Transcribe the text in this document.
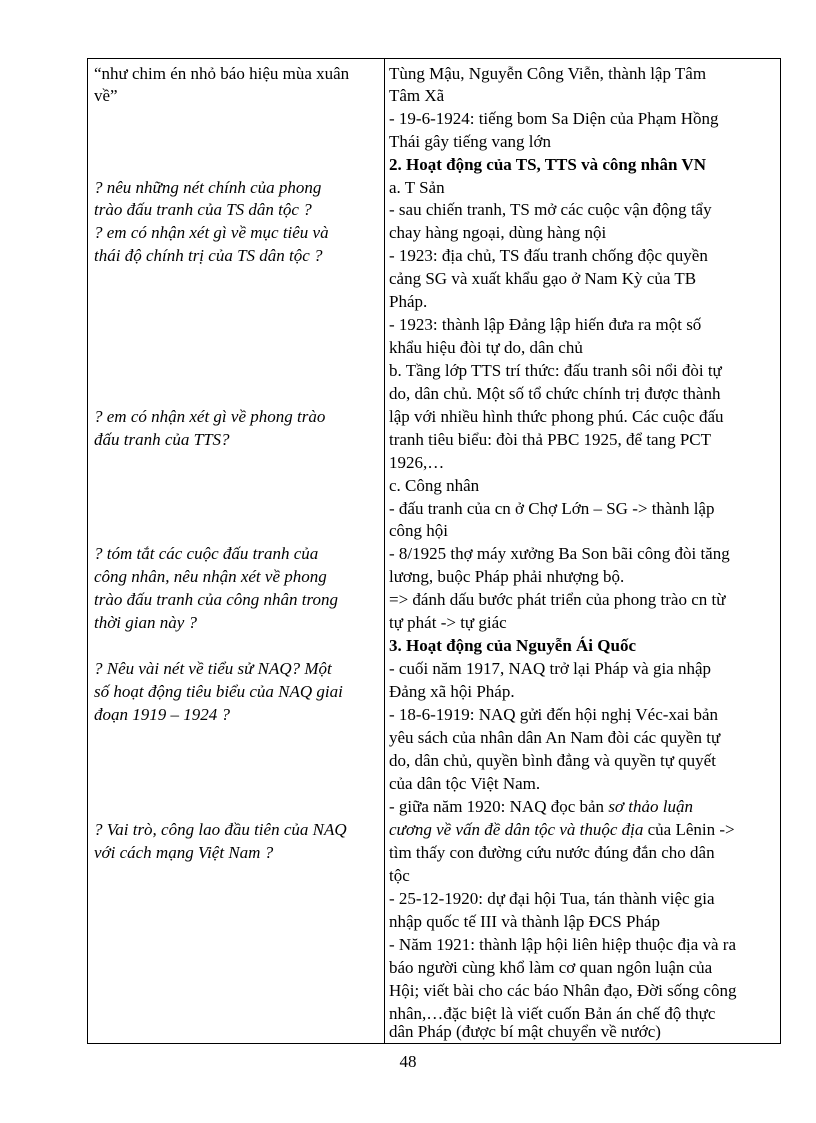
“như chim én nhỏ báo hiệu mùa xuân
về”
? nêu những nét chính của phong
trào đấu tranh của TS dân tộc ?
? em có nhận xét gì về mục tiêu và
thái độ chính trị của TS dân tộc ?
? em có nhận xét gì về phong trào
đấu tranh của TTS?
? tóm tắt các cuộc đấu tranh của
công nhân, nêu nhận xét về phong
trào đấu tranh của công nhân trong
thời gian này ?
? Nêu vài nét về tiểu sử NAQ? Một
số hoạt động tiêu biểu của NAQ giai
đoạn 1919 – 1924 ?
? Vai trò, công lao đầu tiên của NAQ
với cách mạng Việt Nam ?
Tùng Mậu, Nguyễn Công Viễn, thành lập Tâm
Tâm Xã
- 19-6-1924: tiếng bom Sa Diện của Phạm Hồng
Thái gây tiếng vang lớn
2. Hoạt động của TS, TTS và công nhân VN
a. T Sản
- sau chiến tranh, TS mở các cuộc vận động tẩy
chay hàng ngoại, dùng hàng nội
- 1923: địa chủ, TS đấu tranh chống độc quyền
cảng SG và xuất khẩu gạo ở Nam Kỳ của TB
Pháp.
- 1923: thành lập Đảng lập hiến đưa ra một số
khẩu hiệu đòi tự do, dân chủ
b. Tầng lớp TTS trí thức: đấu tranh sôi nổi đòi tự
do, dân chủ. Một số tổ chức chính trị được thành
lập với nhiều hình thức phong phú. Các cuộc đấu
tranh tiêu biểu: đòi thả PBC 1925, để tang PCT
1926,…
c. Công nhân
- đấu tranh của cn ở Chợ Lớn – SG -> thành lập
công hội
- 8/1925 thợ máy xưởng Ba Son bãi công đòi tăng
lương, buộc Pháp phải nhượng bộ.
=> đánh dấu bước phát triển của phong trào cn từ
tự phát -> tự giác
3. Hoạt động của Nguyễn Ái Quốc
- cuối năm 1917, NAQ trở lại Pháp và gia nhập
Đảng xã hội Pháp.
- 18-6-1919: NAQ gửi đến hội nghị Véc-xai bản
yêu sách của nhân dân An Nam đòi các quyền tự
do, dân chủ, quyền bình đẳng và quyền tự quyết
của dân tộc Việt Nam.
- giữa năm 1920: NAQ đọc bản sơ thảo luận
cương về vấn đề dân tộc và thuộc địa của Lênin ->
tìm thấy con đường cứu nước đúng đắn cho dân
tộc
- 25-12-1920: dự đại hội Tua, tán thành việc gia
nhập quốc tế III và thành lập ĐCS Pháp
- Năm 1921: thành lập hội liên hiệp thuộc địa và ra
báo người cùng khổ làm cơ quan ngôn luận của
Hội; viết bài cho các báo Nhân đạo, Đời sống công
nhân,…đặc biệt là viết cuốn Bản án chế độ thực
dân Pháp (được bí mật chuyển về nước)
48
